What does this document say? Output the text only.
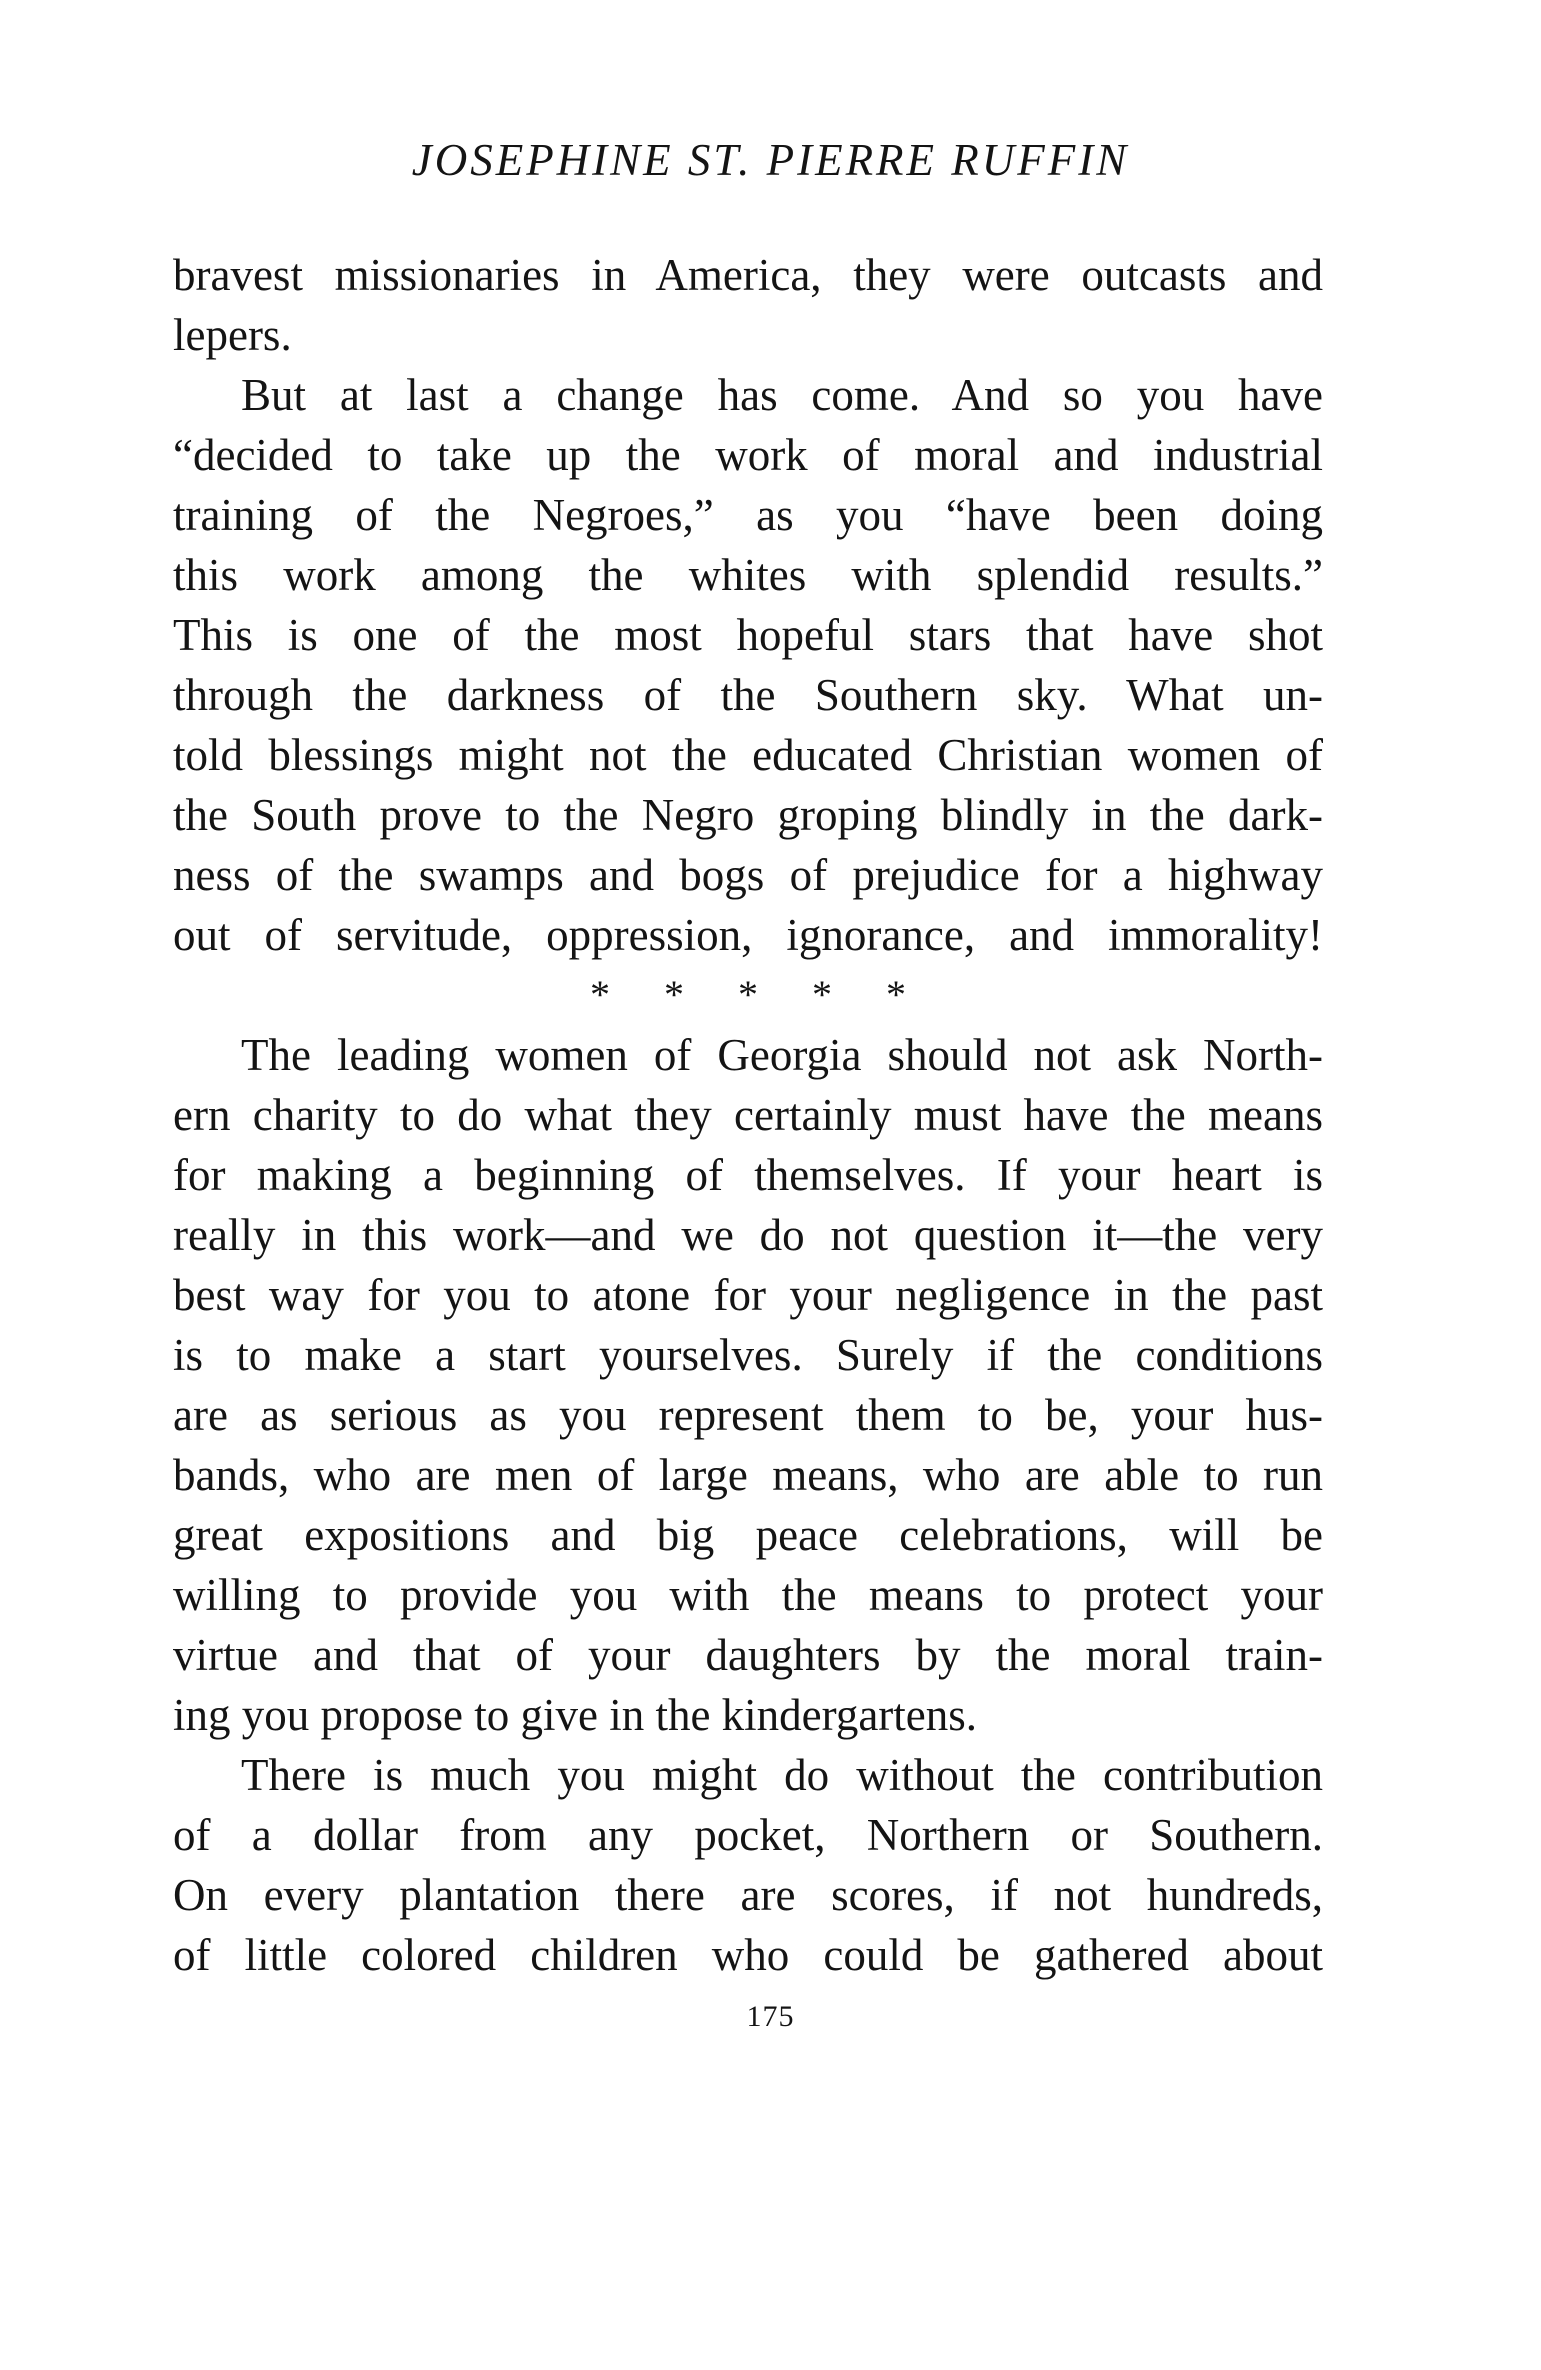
JOSEPHINE ST. PIERRE RUFFIN
bravest missionaries in America, they were outcasts and
lepers.
But at last a change has come. And so you have
“decided to take up the work of moral and industrial
training of the Negroes,” as you “have been doing
this work among the whites with splendid results.”
This is one of the most hopeful stars that have shot
through the darkness of the Southern sky. What un-
told blessings might not the educated Christian women of
the South prove to the Negro groping blindly in the dark-
ness of the swamps and bogs of prejudice for a highway
out of servitude, oppression, ignorance, and immorality!
* * * * *
The leading women of Georgia should not ask North-
ern charity to do what they certainly must have the means
for making a beginning of themselves. If your heart is
really in this work—and we do not question it—the very
best way for you to atone for your negligence in the past
is to make a start yourselves. Surely if the conditions
are as serious as you represent them to be, your hus-
bands, who are men of large means, who are able to run
great expositions and big peace celebrations, will be
willing to provide you with the means to protect your
virtue and that of your daughters by the moral train-
ing you propose to give in the kindergartens.
There is much you might do without the contribution
of a dollar from any pocket, Northern or Southern.
On every plantation there are scores, if not hundreds,
of little colored children who could be gathered about
175
